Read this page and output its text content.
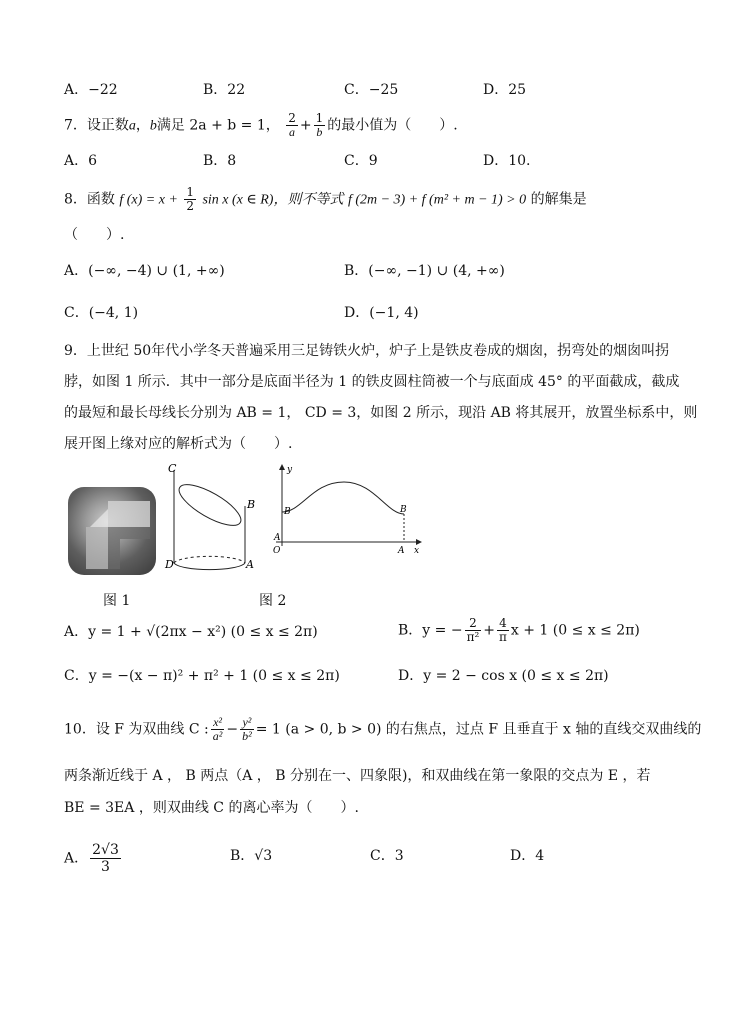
A．−22	B．22	C．−25	D．25
7．设正数a，b满足 2a + b = 1， $\frac{2}{a} + \frac{1}{b}$ 的最小值为（　　）.
A．6	B．8	C．9	D．10.
8．函数 f $(x) = x + \frac{1}{2}$ sin x (x ∈ R)，则不等式 f (2m − 3) + f (m² + m − 1) > 0 的解集是
（　　）.
A．(−∞, −4) ∪ (1, +∞)	B．(−∞, −1) ∪ (4, +∞)
C．(−4, 1)	D．(−1, 4)
9．上世纪 50年代小学冬天普遍采用三足铸铁火炉，炉子上是铁皮卷成的烟囱，拐弯处的烟囱叫拐
脖，如图 1 所示．其中一部分是底面半径为 1 的铁皮圆柱筒被一个与底面成 45° 的平面截成，截成
的最短和最长母线长分别为 AB = 1， CD = 3，如图 2 所示，现沿 AB 将其展开，放置坐标系中，则
展开图上缘对应的解析式为（　　）.
C
B
D	A
y
x
O
B	B
A
A
图 1	图 2
A．y = 1 + √(2πx − x²) (0 ≤ x ≤ 2π)	B．y = − $\frac{2}{\text{π²}} + \frac{4}{\pi}$ x + 1 (0 ≤ x ≤ 2π)
C．y = −(x − π)² + π² + 1 (0 ≤ x ≤ 2π)	D．y = 2 − cos x (0 ≤ x ≤ 2π)
10．设 F 为双曲线 C : $\frac{\text{x²}}{\text{a²}} - \frac{\text{y²}}{\text{b²}} = 1$ (a > 0, b > 0) 的右焦点，过点 F 且垂直于 x 轴的直线交双曲线的
两条渐近线于 A ， B 两点（A ， B 分别在一、四象限)，和双曲线在第一象限的交点为 E ，若
BE = 3EA ，则双曲线 C 的离心率为（　　）.
A． $\frac{2√3}{3}$	B．√3	C．3	D．4
